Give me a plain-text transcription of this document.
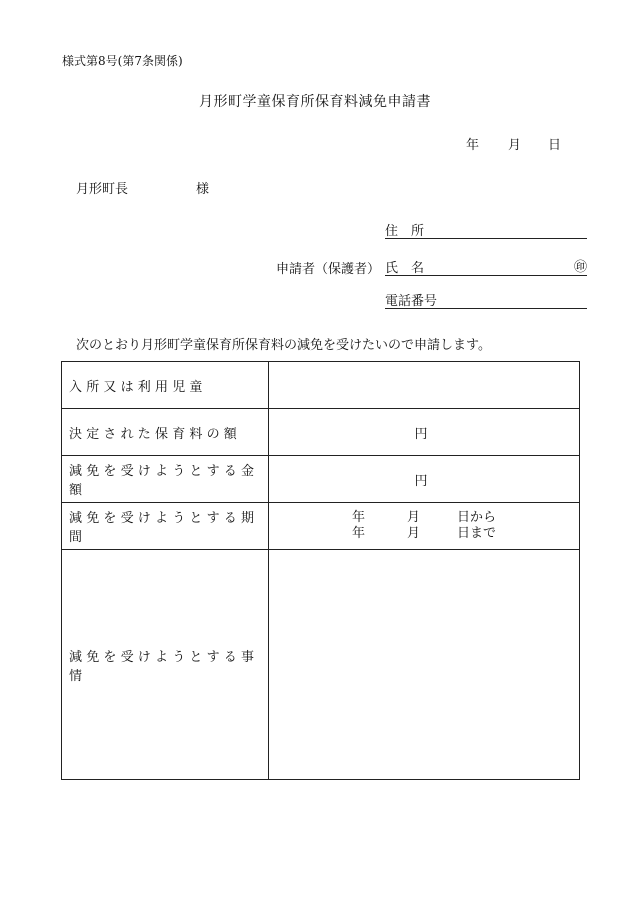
様式第8号(第7条関係)
月形町学童保育所保育料減免申請書
年 月 日
月形町長	様
住　所
申請者（保護者） 氏　名	㊞
電話番号
次のとおり月形町学童保育所保育料の減免を受けたいので申請します。
入所又は利用児童	
決定された保育料の額	円
減免を受けようとする金額	円
減免を受けようとする期間	年 月 日から
年 月 日まで

減免を受けようとする事情	
